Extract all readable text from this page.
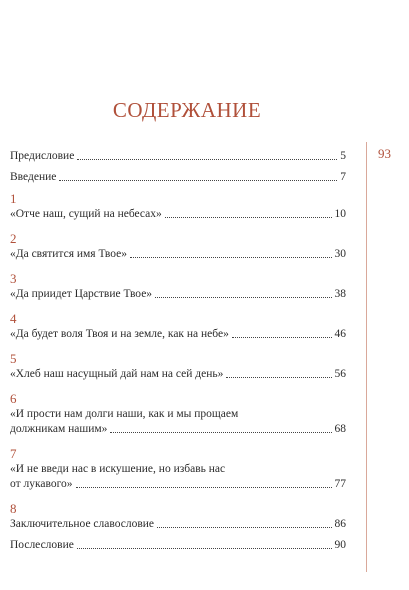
СОДЕРЖАНИЕ
93
Предисловие	5
Введение	7
1
«Отче наш, сущий на небесах»	10
2
«Да святится имя Твое»	30
3
«Да приидет Царствие Твое»	38
4
«Да будет воля Твоя и на земле, как на небе»	46
5
«Хлеб наш насущный дай нам на сей день»	56
6
«И прости нам долги наши, как и мы прощаем
должникам нашим»	68
7
«И не введи нас в искушение, но избавь нас
от лукавого»	77
8
Заключительное славословие	86
Послесловие	90
